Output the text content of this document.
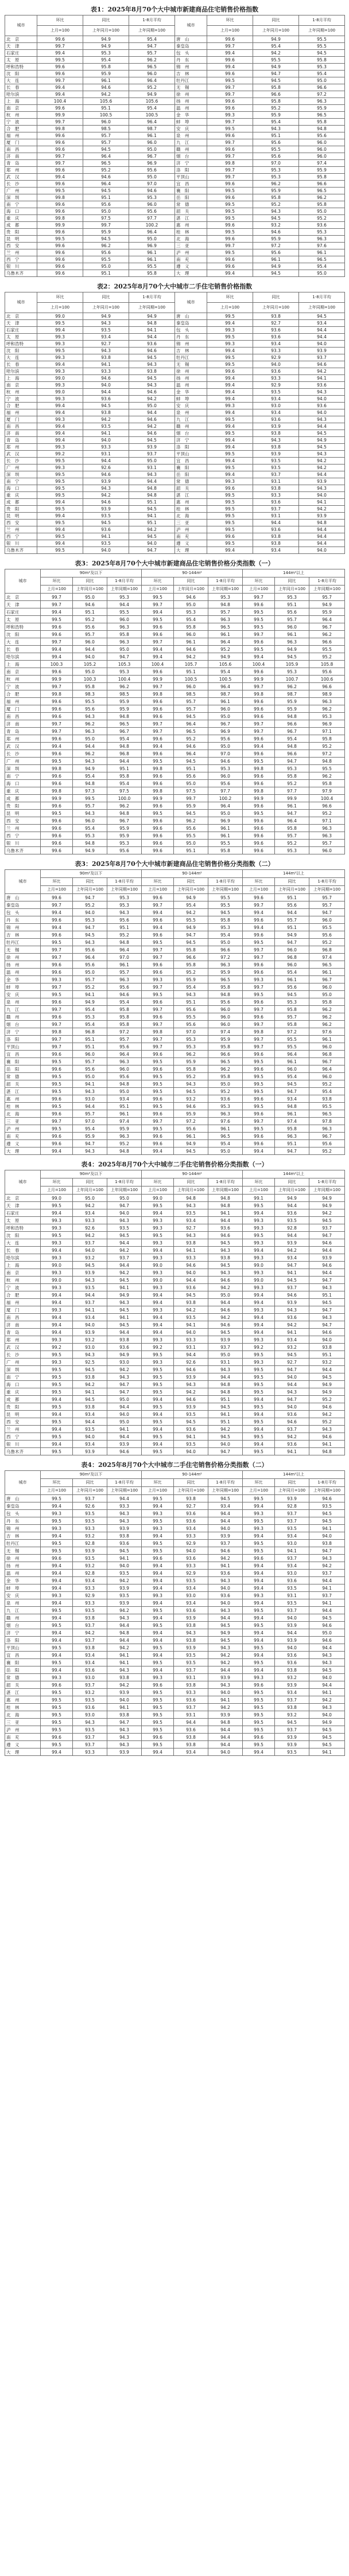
表1：2025年8月70个大中城市新建商品住宅销售价格指数
城市	环比	同比	1-8月平均	城市	环比	同比	1-8月平均
	上月=100	上年同月=100	上年同期=100		上月=100	上年同月=100	上年同期=100
北　京	99.6	94.9	95.4	唐　山	99.6	94.9	95.5
天　津	99.7	94.9	94.7	秦皇岛	99.7	95.4	95.5
石家庄	99.4	95.3	95.7	包　头	99.4	94.2	94.5
太　原	99.5	95.4	96.2	丹　东	99.6	95.5	95.8
呼和浩特	99.6	95.8	96.5	锦　州	99.4	94.9	95.3
沈　阳	99.6	95.9	96.0	吉　林	99.6	94.7	95.4
大　连	99.7	96.1	96.4	牡丹江	99.5	94.5	95.0
长　春	99.4	94.6	95.2	无　锡	99.7	95.8	96.6
哈尔滨	99.4	94.2	94.9	徐　州	99.7	96.6	97.2
上　海	100.4	105.6	105.6	扬　州	99.6	95.8	96.3
南　京	99.6	95.1	95.4	温　州	99.6	95.2	95.9
杭　州	99.9	100.5	100.5	金　华	99.3	95.9	96.5
宁　波	99.7	96.0	96.4	蚌　埠	99.7	95.4	95.8
合　肥	99.8	98.5	98.7	安　庆	99.5	94.3	94.8
福　州	99.6	95.7	96.1	泉　州	99.6	95.1	95.6
厦　门	99.6	95.7	96.0	九　江	99.7	95.6	96.0
南　昌	99.6	94.5	95.0	赣　州	99.6	95.5	96.0
济　南	99.7	96.4	96.7	烟　台	99.7	95.6	96.0
青　岛	99.7	96.5	96.9	济　宁	99.8	97.0	97.4
郑　州	99.6	95.2	95.6	洛　阳	99.7	95.3	95.9
武　汉	99.4	94.6	95.0	平顶山	99.7	95.3	95.8
长　沙	99.6	96.4	97.0	宜　昌	99.6	96.2	96.6
广　州	99.5	94.5	94.6	襄　阳	99.5	95.9	96.5
深　圳	99.8	95.1	95.3	岳　阳	99.6	95.8	96.2
南　宁	99.6	95.6	96.0	常　德	99.5	95.2	95.8
海　口	99.6	95.0	95.6	韶　关	99.5	94.3	95.0
重　庆	99.8	97.5	97.7	湛　江	99.5	94.5	95.2
成　都	99.9	99.7	100.2	惠　州	99.6	93.2	93.6
贵　阳	99.6	95.9	96.4	桂　林	99.5	94.6	95.3
昆　明	99.5	94.5	95.0	北　海	99.6	95.9	96.3
西　安	99.6	96.2	96.9	三　亚	99.7	97.2	97.6
兰　州	99.6	95.6	96.1	泸　州	99.5	95.6	96.1
西　宁	99.6	95.5	96.1	南　充	99.6	96.1	96.5
银　川	99.6	95.0	95.5	遵　义	99.6	94.9	95.4
乌鲁木齐	99.6	95.1	95.8	大　理	99.4	94.5	95.0
表2：2025年8月70个大中城市二手住宅销售价格指数
城市	环比	同比	1-8月平均	城市	环比	同比	1-8月平均
	上月=100	上年同月=100	上年同期=100		上月=100	上年同月=100	上年同期=100
北　京	99.0	94.9	94.9	唐　山	99.5	93.8	94.5
天　津	99.5	94.3	94.8	秦皇岛	99.4	92.7	93.4
石家庄	99.4	93.5	94.1	包　头	99.3	93.6	94.4
太　原	99.3	93.4	94.4	丹　东	99.5	93.6	94.4
呼和浩特	99.3	92.7	93.6	锦　州	99.3	93.4	94.0
沈　阳	99.5	94.3	94.6	吉　林	99.4	93.3	93.9
大　连	99.3	93.8	94.5	牡丹江	99.5	92.9	93.7
长　春	99.4	94.1	94.3	无　锡	99.5	94.0	94.6
哈尔滨	99.3	93.3	93.8	徐　州	99.6	93.6	94.2
上　海	99.0	94.6	94.5	扬　州	99.4	93.3	94.1
南　京	99.3	94.0	94.3	温　州	99.4	92.9	93.6
杭　州	99.0	94.4	94.6	金　华	99.4	93.5	94.3
宁　波	99.3	93.6	94.2	蚌　埠	99.4	93.4	94.0
合　肥	99.4	94.5	95.0	安　庆	99.3	93.0	93.6
福　州	99.4	93.8	94.4	泉　州	99.4	93.4	94.0
厦　门	99.3	94.2	94.6	九　江	99.5	93.6	94.3
南　昌	99.4	93.5	94.2	赣　州	99.4	93.9	94.4
济　南	99.4	94.1	94.6	烟　台	99.5	93.8	94.5
青　岛	99.4	94.0	94.5	济　宁	99.4	94.3	94.9
郑　州	99.3	93.3	93.9	洛　阳	99.4	93.8	94.5
武　汉	99.2	93.1	93.7	平顶山	99.5	93.9	94.3
长　沙	99.5	94.4	95.0	宜　昌	99.4	93.5	94.2
广　州	99.3	92.6	93.1	襄　阳	99.5	93.5	94.2
深　圳	99.5	94.6	94.3	岳　阳	99.4	93.7	94.4
南　宁	99.5	93.9	94.4	常　德	99.3	93.1	93.9
海　口	99.5	94.3	94.8	韶　关	99.6	93.8	94.3
重　庆	99.5	94.2	94.8	湛　江	99.5	93.3	94.0
成　都	99.4	94.6	95.1	惠　州	99.5	93.6	94.1
贵　阳	99.5	93.9	94.5	桂　林	99.5	93.7	94.2
昆　明	99.4	93.5	94.1	北　海	99.5	93.1	93.9
西　安	99.5	94.5	95.1	三　亚	99.5	94.4	94.8
兰　州	99.4	93.6	94.2	泸　州	99.5	93.6	94.4
西　宁	99.5	94.1	94.5	南　充	99.6	93.8	94.4
银　川	99.4	93.5	94.0	遵　义	99.5	93.8	94.4
乌鲁木齐	99.5	94.0	94.7	大　理	99.4	93.4	94.0
表3：2025年8月70个大中城市新建商品住宅销售价格分类指数（一）
城市	90m²及以下			90-144m²			144m²以上		
	环比	同比	1-8月平均	环比	同比	1-8月平均	环比	同比	1-8月平均
	上月=100	上年同月=100	上年同期=100	上月=100	上年同月=100	上年同期=100	上月=100	上年同月=100	上年同期=100
北　京	99.7	95.0	95.3	99.5	94.6	95.3	99.7	95.3	95.7
天　津	99.7	94.6	94.4	99.7	95.0	94.8	99.6	95.1	94.9
石家庄	99.4	95.1	95.5	99.4	95.3	95.7	99.5	95.6	95.9
太　原	99.5	95.2	96.0	99.5	95.4	96.3	99.5	95.7	96.4
呼和浩特	99.6	95.6	96.3	99.6	95.8	96.5	99.5	96.0	96.7
沈　阳	99.6	95.7	95.8	99.6	96.0	96.1	99.7	96.1	96.2
大　连	99.7	96.0	96.3	99.7	96.1	96.4	99.6	96.3	96.6
长　春	99.4	94.4	95.0	99.4	94.6	95.2	99.5	94.9	95.5
哈尔滨	99.4	94.0	94.7	99.4	94.2	94.9	99.4	94.5	95.2
上　海	100.3	105.2	105.3	100.4	105.7	105.6	100.4	105.9	105.8
南　京	99.6	95.0	95.3	99.6	95.1	95.4	99.6	95.3	95.6
杭　州	99.9	100.3	100.4	99.9	100.5	100.5	99.9	100.7	100.6
宁　波	99.7	95.8	96.2	99.7	96.0	96.4	99.7	96.2	96.6
合　肥	99.8	98.3	98.5	99.8	98.5	98.7	99.8	98.7	98.9
福　州	99.6	95.5	95.9	99.6	95.7	96.1	99.6	95.9	96.3
厦　门	99.6	95.6	95.9	99.6	95.7	96.0	99.6	95.9	96.2
南　昌	99.6	94.3	94.8	99.6	94.5	95.0	99.6	94.8	95.3
济　南	99.7	96.2	96.5	99.7	96.4	96.7	99.7	96.6	96.9
青　岛	99.7	96.3	96.7	99.7	96.5	96.9	99.7	96.7	97.1
郑　州	99.6	95.0	95.4	99.6	95.2	95.6	99.6	95.4	95.8
武　汉	99.4	94.4	94.8	99.4	94.6	95.0	99.4	94.8	95.2
长　沙	99.6	96.2	96.8	99.6	96.4	97.0	99.6	96.6	97.2
广　州	99.5	94.3	94.4	99.5	94.5	94.6	99.5	94.7	94.8
深　圳	99.8	94.9	95.1	99.8	95.1	95.3	99.8	95.3	95.5
南　宁	99.6	95.4	95.8	99.6	95.6	96.0	99.6	95.8	96.2
海　口	99.6	94.8	95.4	99.6	95.0	95.6	99.6	95.2	95.8
重　庆	99.8	97.3	97.5	99.8	97.5	97.7	99.8	97.7	97.9
成　都	99.9	99.5	100.0	99.9	99.7	100.2	99.9	99.9	100.4
贵　阳	99.6	95.7	96.2	99.6	95.9	96.4	99.6	96.1	96.6
昆　明	99.5	94.3	94.8	99.5	94.5	95.0	99.5	94.7	95.2
西　安	99.6	96.0	96.7	99.6	96.2	96.9	99.6	96.4	97.1
兰　州	99.6	95.4	95.9	99.6	95.6	96.1	99.6	95.8	96.3
西　宁	99.6	95.3	95.9	99.6	95.5	96.1	99.6	95.7	96.3
银　川	99.6	94.8	95.3	99.6	95.0	95.5	99.6	95.2	95.7
乌鲁木齐	99.6	94.9	95.6	99.6	95.1	95.8	99.6	95.3	96.0
表3：2025年8月70个大中城市新建商品住宅销售价格分类指数（二）
城市	90m²及以下			90-144m²			144m²以上		
	环比	同比	1-8月平均	环比	同比	1-8月平均	环比	同比	1-8月平均
	上月=100	上年同月=100	上年同期=100	上月=100	上年同月=100	上年同期=100	上月=100	上年同月=100	上年同期=100
唐　山	99.6	94.7	95.3	99.6	94.9	95.5	99.6	95.1	95.7
秦皇岛	99.7	95.2	95.3	99.7	95.4	95.5	99.7	95.6	95.7
包　头	99.4	94.0	94.3	99.4	94.2	94.5	99.4	94.4	94.7
丹　东	99.6	95.3	95.6	99.6	95.5	95.8	99.6	95.7	96.0
锦　州	99.4	94.7	95.1	99.4	94.9	95.3	99.4	95.1	95.5
吉　林	99.6	94.5	95.2	99.6	94.7	95.4	99.6	94.9	95.6
牡丹江	99.5	94.3	94.8	99.5	94.5	95.0	99.5	94.7	95.2
无　锡	99.7	95.6	96.4	99.7	95.8	96.6	99.7	96.0	96.8
徐　州	99.7	96.4	97.0	99.7	96.6	97.2	99.7	96.8	97.4
扬　州	99.6	95.6	96.1	99.6	95.8	96.3	99.6	96.0	96.5
温　州	99.6	95.0	95.7	99.6	95.2	95.9	99.6	95.4	96.1
金　华	99.3	95.7	96.3	99.3	95.9	96.5	99.3	96.1	96.7
蚌　埠	99.7	95.2	95.6	99.7	95.4	95.8	99.7	95.6	96.0
安　庆	99.5	94.1	94.6	99.5	94.3	94.8	99.5	94.5	95.0
泉　州	99.6	94.9	95.4	99.6	95.1	95.6	99.6	95.3	95.8
九　江	99.7	95.4	95.8	99.7	95.6	96.0	99.7	95.8	96.2
赣　州	99.6	95.3	95.8	99.6	95.5	96.0	99.6	95.7	96.2
烟　台	99.7	95.4	95.8	99.7	95.6	96.0	99.7	95.8	96.2
济　宁	99.8	96.8	97.2	99.8	97.0	97.4	99.8	97.2	97.6
洛　阳	99.7	95.1	95.7	99.7	95.3	95.9	99.7	95.5	96.1
平顶山	99.7	95.1	95.6	99.7	95.3	95.8	99.7	95.5	96.0
宜　昌	99.6	96.0	96.4	99.6	96.2	96.6	99.6	96.4	96.8
襄　阳	99.5	95.7	96.3	99.5	95.9	96.5	99.5	96.1	96.7
岳　阳	99.6	95.6	96.0	99.6	95.8	96.2	99.6	96.0	96.4
常　德	99.5	95.0	95.6	99.5	95.2	95.8	99.5	95.4	96.0
韶　关	99.5	94.1	94.8	99.5	94.3	95.0	99.5	94.5	95.2
湛　江	99.5	94.3	95.0	99.5	94.5	95.2	99.5	94.7	95.4
惠　州	99.6	93.0	93.4	99.6	93.2	93.6	99.6	93.4	93.8
桂　林	99.5	94.4	95.1	99.5	94.6	95.3	99.5	94.8	95.5
北　海	99.6	95.7	96.1	99.6	95.9	96.3	99.6	96.1	96.5
三　亚	99.7	97.0	97.4	99.7	97.2	97.6	99.7	97.4	97.8
泸　州	99.5	95.4	95.9	99.5	95.6	96.1	99.5	95.8	96.3
南　充	99.6	95.9	96.3	99.6	96.1	96.5	99.6	96.3	96.7
遵　义	99.6	94.7	95.2	99.6	94.9	95.4	99.6	95.1	95.6
大　理	99.4	94.3	94.8	99.4	94.5	95.0	99.4	94.7	95.2
表4：2025年8月70个大中城市二手住宅销售价格分类指数（一）
城市	90m²及以下			90-144m²			144m²以上		
	环比	同比	1-8月平均	环比	同比	1-8月平均	环比	同比	1-8月平均
	上月=100	上年同月=100	上年同期=100	上月=100	上年同月=100	上年同期=100	上月=100	上年同月=100	上年同期=100
北　京	99.0	95.0	95.0	99.0	94.8	94.8	99.1	94.9	94.9
天　津	99.5	94.2	94.7	99.5	94.3	94.8	99.5	94.4	94.9
石家庄	99.4	93.4	94.0	99.4	93.5	94.1	99.4	93.6	94.2
太　原	99.3	93.3	94.3	99.3	93.4	94.4	99.3	93.5	94.5
呼和浩特	99.3	92.6	93.5	99.3	92.7	93.6	99.3	92.8	93.7
沈　阳	99.5	94.2	94.5	99.5	94.3	94.6	99.5	94.4	94.7
大　连	99.3	93.7	94.4	99.3	93.8	94.5	99.3	93.9	94.6
长　春	99.4	94.0	94.2	99.4	94.1	94.3	99.4	94.2	94.4
哈尔滨	99.3	93.2	93.7	99.3	93.3	93.8	99.3	93.4	93.9
上　海	99.0	94.5	94.4	99.0	94.6	94.5	99.0	94.7	94.6
南　京	99.3	93.9	94.2	99.3	94.0	94.3	99.3	94.1	94.4
杭　州	99.0	94.3	94.5	99.0	94.4	94.6	99.0	94.5	94.7
宁　波	99.3	93.5	94.1	99.3	93.6	94.2	99.3	93.7	94.3
合　肥	99.4	94.4	94.9	99.4	94.5	95.0	99.4	94.6	95.1
福　州	99.4	93.7	94.3	99.4	93.8	94.4	99.4	93.9	94.5
厦　门	99.3	94.1	94.5	99.3	94.2	94.6	99.3	94.3	94.7
南　昌	99.4	93.4	94.1	99.4	93.5	94.2	99.4	93.6	94.3
济　南	99.4	94.0	94.5	99.4	94.1	94.6	99.4	94.2	94.7
青　岛	99.4	93.9	94.4	99.4	94.0	94.5	99.4	94.1	94.6
郑　州	99.3	93.2	93.8	99.3	93.3	93.9	99.3	93.4	94.0
武　汉	99.2	93.0	93.6	99.2	93.1	93.7	99.2	93.2	93.8
长　沙	99.5	94.3	94.9	99.5	94.4	95.0	99.5	94.5	95.1
广　州	99.3	92.5	93.0	99.3	92.6	93.1	99.3	92.7	93.2
深　圳	99.5	94.5	94.2	99.5	94.6	94.3	99.5	94.7	94.4
南　宁	99.5	93.8	94.3	99.5	93.9	94.4	99.5	94.0	94.5
海　口	99.5	94.2	94.7	99.5	94.3	94.8	99.5	94.4	94.9
重　庆	99.5	94.1	94.7	99.5	94.2	94.8	99.5	94.3	94.9
成　都	99.4	94.5	95.0	99.4	94.6	95.1	99.4	94.7	95.2
贵　阳	99.5	93.8	94.4	99.5	93.9	94.5	99.5	94.0	94.6
昆　明	99.4	93.4	94.0	99.4	93.5	94.1	99.4	93.6	94.2
西　安	99.5	94.4	95.0	99.5	94.5	95.1	99.5	94.6	95.2
兰　州	99.4	93.5	94.1	99.4	93.6	94.2	99.4	93.7	94.3
西　宁	99.5	94.0	94.4	99.5	94.1	94.5	99.5	94.2	94.6
银　川	99.4	93.4	93.9	99.4	93.5	94.0	99.4	93.6	94.1
乌鲁木齐	99.5	93.9	94.6	99.5	94.0	94.7	99.5	94.1	94.8
表4：2025年8月70个大中城市二手住宅销售价格分类指数（二）
城市	90m²及以下			90-144m²			144m²以上		
	环比	同比	1-8月平均	环比	同比	1-8月平均	环比	同比	1-8月平均
	上月=100	上年同月=100	上年同期=100	上月=100	上年同月=100	上年同期=100	上月=100	上年同月=100	上年同期=100
唐　山	99.5	93.7	94.4	99.5	93.8	94.5	99.5	93.9	94.6
秦皇岛	99.4	92.6	93.3	99.4	92.7	93.4	99.4	92.8	93.5
包　头	99.3	93.5	94.3	99.3	93.6	94.4	99.3	93.7	94.5
丹　东	99.5	93.5	94.3	99.5	93.6	94.4	99.5	93.7	94.5
锦　州	99.3	93.3	93.9	99.3	93.4	94.0	99.3	93.5	94.1
吉　林	99.4	93.2	93.8	99.4	93.3	93.9	99.4	93.4	94.0
牡丹江	99.5	92.8	93.6	99.5	92.9	93.7	99.5	93.0	93.8
无　锡	99.5	93.9	94.5	99.5	94.0	94.6	99.5	94.1	94.7
徐　州	99.6	93.5	94.1	99.6	93.6	94.2	99.6	93.7	94.3
扬　州	99.4	93.2	94.0	99.4	93.3	94.1	99.4	93.4	94.2
温　州	99.4	92.8	93.5	99.4	92.9	93.6	99.4	93.0	93.7
金　华	99.4	93.4	94.2	99.4	93.5	94.3	99.4	93.6	94.4
蚌　埠	99.4	93.3	93.9	99.4	93.4	94.0	99.4	93.5	94.1
安　庆	99.3	92.9	93.5	99.3	93.0	93.6	99.3	93.1	93.7
泉　州	99.4	93.3	93.9	99.4	93.4	94.0	99.4	93.5	94.1
九　江	99.5	93.5	94.2	99.5	93.6	94.3	99.5	93.7	94.4
赣　州	99.4	93.8	94.3	99.4	93.9	94.4	99.4	94.0	94.5
烟　台	99.5	93.7	94.4	99.5	93.8	94.5	99.5	93.9	94.6
济　宁	99.4	94.2	94.8	99.4	94.3	94.9	99.4	94.4	95.0
洛　阳	99.4	93.7	94.4	99.4	93.8	94.5	99.4	93.9	94.6
平顶山	99.5	93.8	94.2	99.5	93.9	94.3	99.5	94.0	94.4
宜　昌	99.4	93.4	94.1	99.4	93.5	94.2	99.4	93.6	94.3
襄　阳	99.5	93.4	94.1	99.5	93.5	94.2	99.5	93.6	94.3
岳　阳	99.4	93.6	94.3	99.4	93.7	94.4	99.4	93.8	94.5
常　德	99.3	93.0	93.8	99.3	93.1	93.9	99.3	93.2	94.0
韶　关	99.6	93.7	94.2	99.6	93.8	94.3	99.6	93.9	94.4
湛　江	99.5	93.2	93.9	99.5	93.3	94.0	99.5	93.4	94.1
惠　州	99.5	93.5	94.0	99.5	93.6	94.1	99.5	93.7	94.2
桂　林	99.5	93.6	94.1	99.5	93.7	94.2	99.5	93.8	94.3
北　海	99.5	93.0	93.8	99.5	93.1	93.9	99.5	93.2	94.0
三　亚	99.5	94.3	94.7	99.5	94.4	94.8	99.5	94.5	94.9
泸　州	99.5	93.5	94.3	99.5	93.6	94.4	99.5	93.7	94.5
南　充	99.6	93.7	94.3	99.6	93.8	94.4	99.6	93.9	94.5
遵　义	99.5	93.7	94.3	99.5	93.8	94.4	99.5	93.9	94.5
大　理	99.4	93.3	93.9	99.4	93.4	94.0	99.4	93.5	94.1
